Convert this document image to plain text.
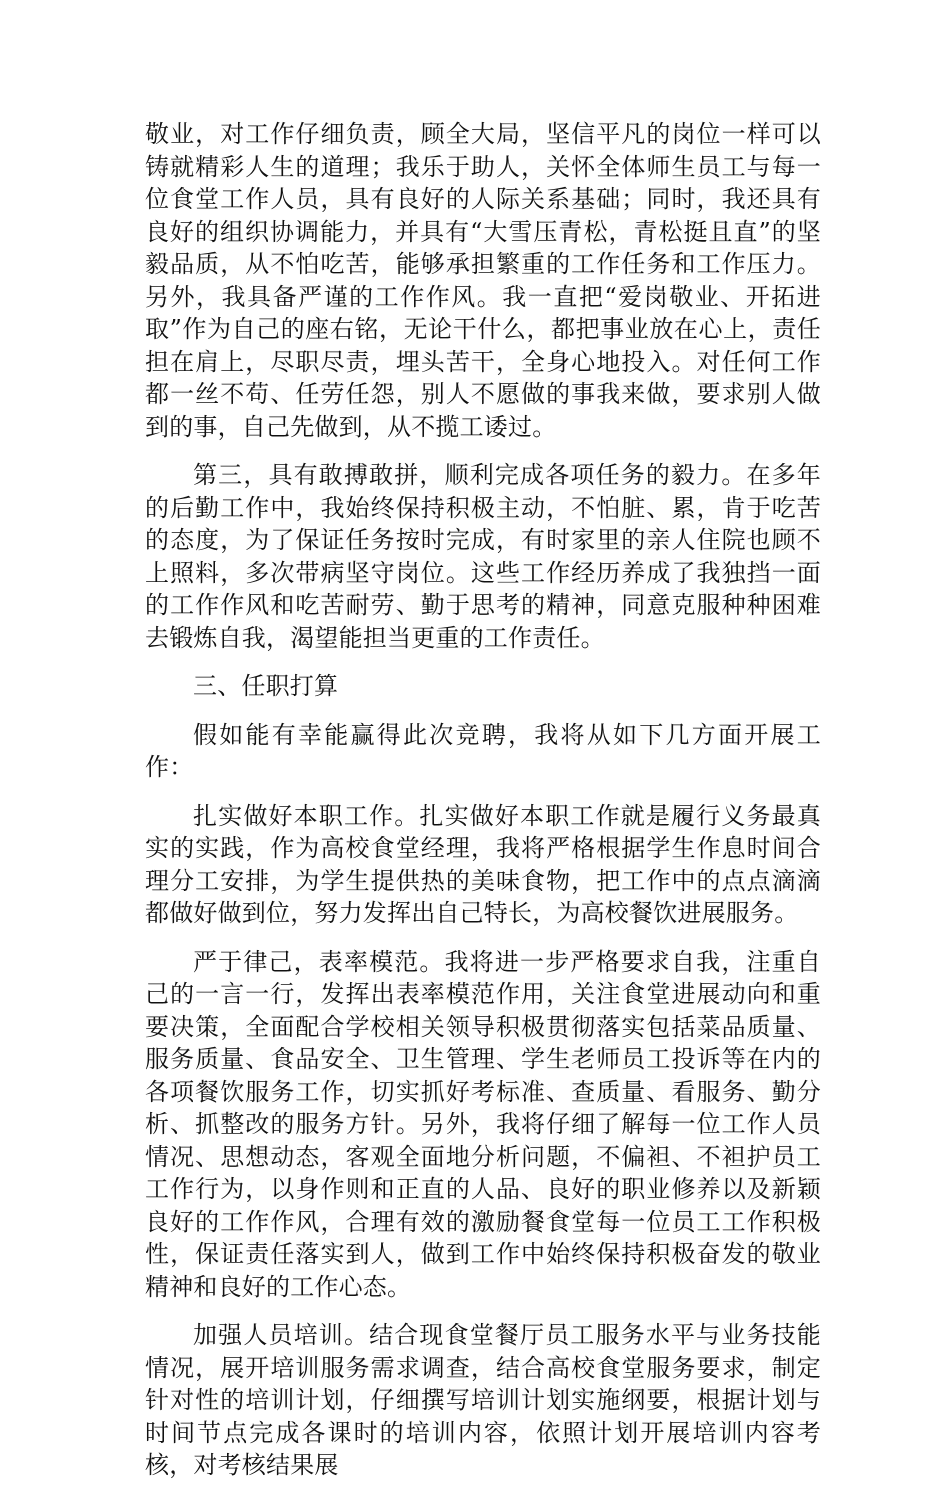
敬业，对工作仔细负责，顾全大局，坚信平凡的岗位一样可以铸就精彩人生的道理；我乐于助人，关怀全体师生员工与每一位食堂工作人员，具有良好的人际关系基础；同时，我还具有良好的组织协调能力，并具有“大雪压青松，青松挺且直”的坚毅品质，从不怕吃苦，能够承担繁重的工作任务和工作压力。另外，我具备严谨的工作作风。我一直把“爱岗敬业、开拓进取”作为自己的座右铭，无论干什么，都把事业放在心上，责任担在肩上，尽职尽责，埋头苦干，全身心地投入。对任何工作都一丝不苟、任劳任怨，别人不愿做的事我来做，要求别人做到的事，自己先做到，从不揽工诿过。

第三，具有敢搏敢拼，顺利完成各项任务的毅力。在多年的后勤工作中，我始终保持积极主动，不怕脏、累，肯于吃苦的态度，为了保证任务按时完成，有时家里的亲人住院也顾不上照料，多次带病坚守岗位。这些工作经历养成了我独挡一面的工作作风和吃苦耐劳、勤于思考的精神，同意克服种种困难去锻炼自我，渴望能担当更重的工作责任。

三、任职打算

假如能有幸能赢得此次竞聘，我将从如下几方面开展工作：

扎实做好本职工作。扎实做好本职工作就是履行义务最真实的实践，作为高校食堂经理，我将严格根据学生作息时间合理分工安排，为学生提供热的美味食物，把工作中的点点滴滴都做好做到位，努力发挥出自己特长，为高校餐饮进展服务。

严于律己，表率模范。我将进一步严格要求自我，注重自己的一言一行，发挥出表率模范作用，关注食堂进展动向和重要决策，全面配合学校相关领导积极贯彻落实包括菜品质量、服务质量、食品安全、卫生管理、学生老师员工投诉等在内的各项餐饮服务工作，切实抓好考标准、查质量、看服务、勤分析、抓整改的服务方针。另外，我将仔细了解每一位工作人员情况、思想动态，客观全面地分析问题，不偏袒、不袒护员工工作行为，以身作则和正直的人品、良好的职业修养以及新颖良好的工作作风，合理有效的激励餐食堂每一位员工工作积极性，保证责任落实到人，做到工作中始终保持积极奋发的敬业精神和良好的工作心态。

加强人员培训。结合现食堂餐厅员工服务水平与业务技能情况，展开培训服务需求调查，结合高校食堂服务要求，制定针对性的培训计划，仔细撰写培训计划实施纲要，根据计划与时间节点完成各课时的培训内容，依照计划开展培训内容考核，对考核结果展
